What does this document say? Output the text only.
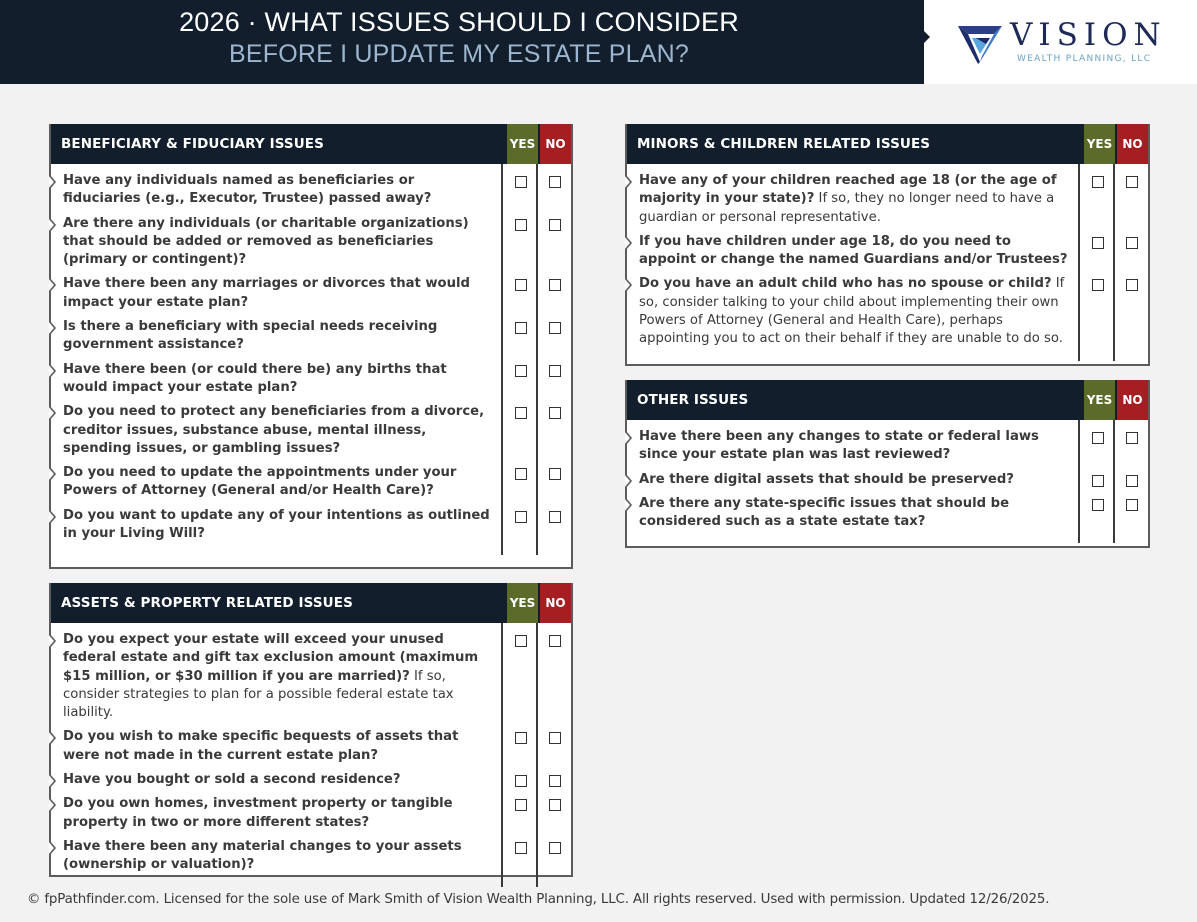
2026 · WHAT ISSUES SHOULD I CONSIDER
BEFORE I UPDATE MY ESTATE PLAN?
VISION
WEALTH PLANNING, LLC
BENEFICIARY & FIDUCIARY ISSUES	YES NO
Have any individuals named as beneficiaries or fiduciaries (e.g., Executor, Trustee) passed away?
Are there any individuals (or charitable organizations) that should be added or removed as beneficiaries (primary or contingent)?
Have there been any marriages or divorces that would impact your estate plan?
Is there a beneficiary with special needs receiving government assistance?
Have there been (or could there be) any births that would impact your estate plan?
Do you need to protect any beneficiaries from a divorce, creditor issues, substance abuse, mental illness, spending issues, or gambling issues?
Do you need to update the appointments under your Powers of Attorney (General and/or Health Care)?
Do you want to update any of your intentions as outlined in your Living Will?
ASSETS & PROPERTY RELATED ISSUES	YES NO
Do you expect your estate will exceed your unused federal estate and gift tax exclusion amount (maximum $15 million, or $30 million if you are married)? If so, consider strategies to plan for a possible federal estate tax liability.
Do you wish to make specific bequests of assets that were not made in the current estate plan?
Have you bought or sold a second residence?
Do you own homes, investment property or tangible property in two or more different states?
Have there been any material changes to your assets (ownership or valuation)?
MINORS & CHILDREN RELATED ISSUES	YES NO
Have any of your children reached age 18 (or the age of majority in your state)? If so, they no longer need to have a guardian or personal representative.
If you have children under age 18, do you need to appoint or change the named Guardians and/or Trustees?
Do you have an adult child who has no spouse or child? If so, consider talking to your child about implementing their own Powers of Attorney (General and Health Care), perhaps appointing you to act on their behalf if they are unable to do so.
OTHER ISSUES	YES NO
Have there been any changes to state or federal laws since your estate plan was last reviewed?
Are there digital assets that should be preserved?
Are there any state-specific issues that should be considered such as a state estate tax?
© fpPathfinder.com. Licensed for the sole use of Mark Smith of Vision Wealth Planning, LLC. All rights reserved. Used with permission. Updated 12/26/2025.
